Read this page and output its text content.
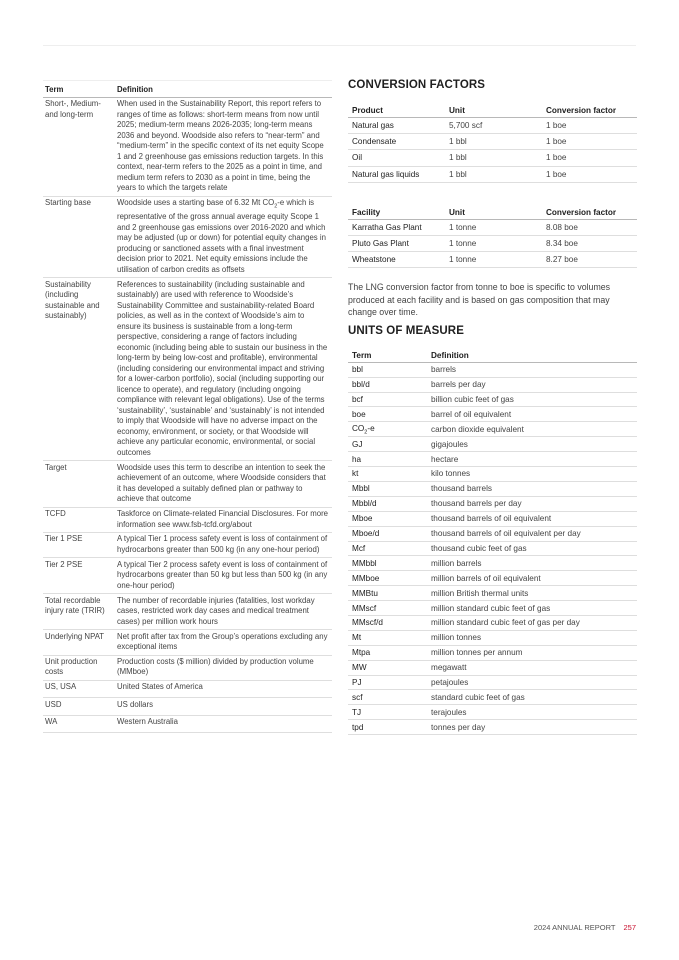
Term	Definition
Short-, Medium- and long-term	When used in the Sustainability Report, this report refers to ranges of time as follows: short-term means from now until 2025; medium-term means 2026-2035; long-term means 2036 and beyond. Woodside also refers to “near-term” and “medium-term” in the specific context of its net equity Scope 1 and 2 greenhouse gas emissions reduction targets. In this context, near-term refers to the 2025 as a point in time, and medium term refers to 2030 as a point in time, being the years to which the targets relate
Starting base	Woodside uses a starting base of 6.32 Mt $CO_2-e$ which is representative of the gross annual average equity Scope 1 and 2 greenhouse gas emissions over 2016-2020 and which may be adjusted (up or down) for potential equity changes in producing or sanctioned assets with a final investment decision prior to 2021. Net equity emissions include the utilisation of carbon credits as offsets
Sustainability (including sustainable and sustainably)	References to sustainability (including sustainable and sustainably) are used with reference to Woodside’s Sustainability Committee and sustainability-related Board policies, as well as in the context of Woodside’s aim to ensure its business is sustainable from a long-term perspective, considering a range of factors including economic (including being able to sustain our business in the long-term by being low-cost and profitable), environmental (including considering our environmental impact and striving for a lower-carbon portfolio), social (including supporting our licence to operate), and regulatory (including ongoing compliance with relevant legal obligations). Use of the terms ‘sustainability’, ‘sustainable’ and ‘sustainably’ is not intended to imply that Woodside will have no adverse impact on the economy, environment, or society, or that Woodside will achieve any particular economic, environmental, or social outcomes
Target	Woodside uses this term to describe an intention to seek the achievement of an outcome, where Woodside considers that it has developed a suitably defined plan or pathway to achieve that outcome
TCFD	Taskforce on Climate-related Financial Disclosures. For more information see www.fsb-tcfd.org/about
Tier 1 PSE	A typical Tier 1 process safety event is loss of containment of hydrocarbons greater than 500 kg (in any one-hour period)
Tier 2 PSE	A typical Tier 2 process safety event is loss of containment of hydrocarbons greater than 50 kg but less than 500 kg (in any one-hour period)
Total recordable injury rate (TRIR)	The number of recordable injuries (fatalities, lost workday cases, restricted work day cases and medical treatment cases) per million work hours
Underlying NPAT	Net profit after tax from the Group’s operations excluding any exceptional items
Unit production costs	Production costs ($ million) divided by production volume (MMboe)
US, USA	United States of America
USD	US dollars
WA	Western Australia
CONVERSION FACTORS
Product	Unit	Conversion factor
Natural gas	5,700 scf	1 boe
Condensate	1 bbl	1 boe
Oil	1 bbl	1 boe
Natural gas liquids	1 bbl	1 boe
Facility	Unit	Conversion factor
Karratha Gas Plant	1 tonne	8.08 boe
Pluto Gas Plant	1 tonne	8.34 boe
Wheatstone	1 tonne	8.27 boe

The LNG conversion factor from tonne to boe is specific to volumes produced at each facility and is based on gas composition that may change over time.

UNITS OF MEASURE
Term	Definition
bbl	barrels
bbl/d	barrels per day
bcf	billion cubic feet of gas
boe	barrel of oil equivalent
$CO_2-e$	carbon dioxide equivalent
GJ	gigajoules
ha	hectare
kt	kilo tonnes
Mbbl	thousand barrels
Mbbl/d	thousand barrels per day
Mboe	thousand barrels of oil equivalent
Mboe/d	thousand barrels of oil equivalent per day
Mcf	thousand cubic feet of gas
MMbbl	million barrels
MMboe	million barrels of oil equivalent
MMBtu	million British thermal units
MMscf	million standard cubic feet of gas
MMscf/d	million standard cubic feet of gas per day
Mt	million tonnes
Mtpa	million tonnes per annum
MW	megawatt
PJ	petajoules
scf	standard cubic feet of gas
TJ	terajoules
tpd	tonnes per day
2024 ANNUAL REPORT 257
